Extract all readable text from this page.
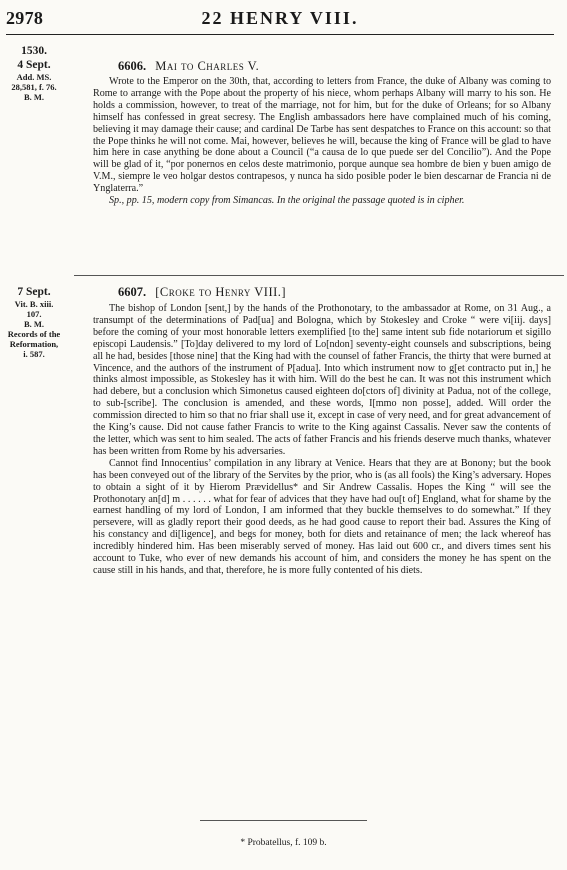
2978	22 HENRY VIII.
1530.
4 Sept.
Add. MS.
28,581, f. 76.
B. M.
6606. Mai to Charles V.

Wrote to the Emperor on the 30th, that, according to letters from France, the duke of Albany was coming to Rome to arrange with the Pope about the property of his niece, whom perhaps Albany will marry to his son. He holds a commission, however, to treat of the marriage, not for him, but for the duke of Orleans; for so Albany himself has confessed in great secresy. The English ambassadors here have complained much of his coming, believing it may damage their cause; and cardinal De Tarbe has sent despatches to France on this account: so that the Pope thinks he will not come. Mai, however, believes he will, because the king of France will be glad to have him here in case anything be done about a Council (“a causa de lo que puede ser del Concilio”). And the Pope will be glad of it, “por ponernos en celos deste matrimonio, porque aunque sea hombre de bien y buen amigo de V.M., siempre le veo holgar destos contrapesos, y nunca ha sido posible poder le bien descarnar de Francia ni de Ynglaterra.”

Sp., pp. 15, modern copy from Simancas. In the original the passage quoted is in cipher.

7 Sept.
Vit. B. xiii.
107.
B. M.
Records of the
Reformation,
i. 587.
6607. [Croke to Henry VIII.]

The bishop of London [sent,] by the hands of the Prothonotary, to the ambassador at Rome, on 31 Aug., a transumpt of the determinations of Pad[ua] and Bologna, which by Stokesley and Croke “ were vi[iij. days] before the coming of your most honorable letters exemplified [to the] same intent sub fide notariorum et sigillo episcopi Laudensis.” [To]day delivered to my lord of Lo[ndon] seventy-eight counsels and subscriptions, being all he had, besides [those nine] that the King had with the counsel of father Francis, the thirty that were burned at Vincence, and the authors of the instrument of P[adua]. Into which instrument now to g[et contracto put in,] he thinks almost impossible, as Stokesley has it with him. Will do the best he can. It was not this instrument which had debere, but a conclusion which Simonetus caused eighteen do[ctors of] divinity at Padua, not of the college, to sub-[scribe]. The conclusion is amended, and these words, I[mmo non posse], added. Will order the commission directed to him so that no friar shall use it, except in case of very need, and for great advancement of the King’s cause. Did not cause father Francis to write to the King against Cassalis. Never saw the contents of the letter, which was sent to him sealed. The acts of father Francis and his friends deserve much thanks, whatever has been written from Rome by his adversaries.

Cannot find Innocentius’ compilation in any library at Venice. Hears that they are at Bonony; but the book has been conveyed out of the library of the Servites by the prior, who is (as all fools) the King’s adversary. Hopes to obtain a sight of it by Hierom Prævidellus* and Sir Andrew Cassalis. Hopes the King “ will see the Prothonotary an[d] m . . . . . . what for fear of advices that they have had ou[t of] England, what for shame by the earnest handling of my lord of London, I am informed that they buckle themselves to do somewhat.” If they persevere, will as gladly report their good deeds, as he had good cause to report their bad. Assures the King of his constancy and di[ligence], and begs for money, both for diets and retainance of men; the lack whereof has incredibly hindered him. Has been miserably served of money. Has laid out 600 cr., and divers times sent his account to Tuke, who ever of new demands his account of him, and considers the money he has spent on the cause still in his hands, and that, therefore, he is more fully contented of his diets.

* Probatellus, f. 109 b.
